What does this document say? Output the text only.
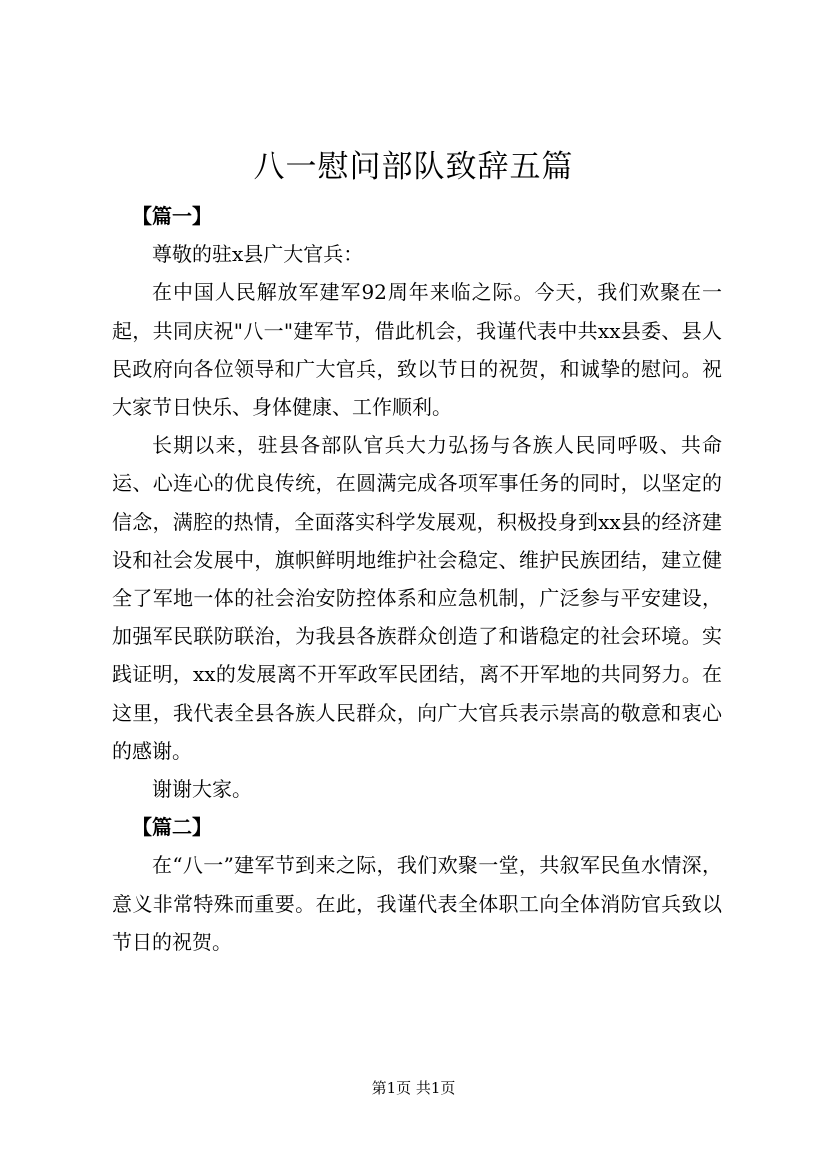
八一慰问部队致辞五篇

【篇一】

尊敬的驻x县广大官兵：

在中国人民解放军建军92周年来临之际。今天，我们欢聚在一起，共同庆祝"八一"建军节，借此机会，我谨代表中共xx县委、县人民政府向各位领导和广大官兵，致以节日的祝贺，和诚挚的慰问。祝大家节日快乐、身体健康、工作顺利。

长期以来，驻县各部队官兵大力弘扬与各族人民同呼吸、共命运、心连心的优良传统，在圆满完成各项军事任务的同时，以坚定的信念，满腔的热情，全面落实科学发展观，积极投身到xx县的经济建设和社会发展中，旗帜鲜明地维护社会稳定、维护民族团结，建立健全了军地一体的社会治安防控体系和应急机制，广泛参与平安建设，加强军民联防联治，为我县各族群众创造了和谐稳定的社会环境。实践证明，xx的发展离不开军政军民团结，离不开军地的共同努力。在这里，我代表全县各族人民群众，向广大官兵表示崇高的敬意和衷心的感谢。

谢谢大家。

【篇二】

在“八一”建军节到来之际，我们欢聚一堂，共叙军民鱼水情深，意义非常特殊而重要。在此，我谨代表全体职工向全体消防官兵致以节日的祝贺。

第1页 共1页
